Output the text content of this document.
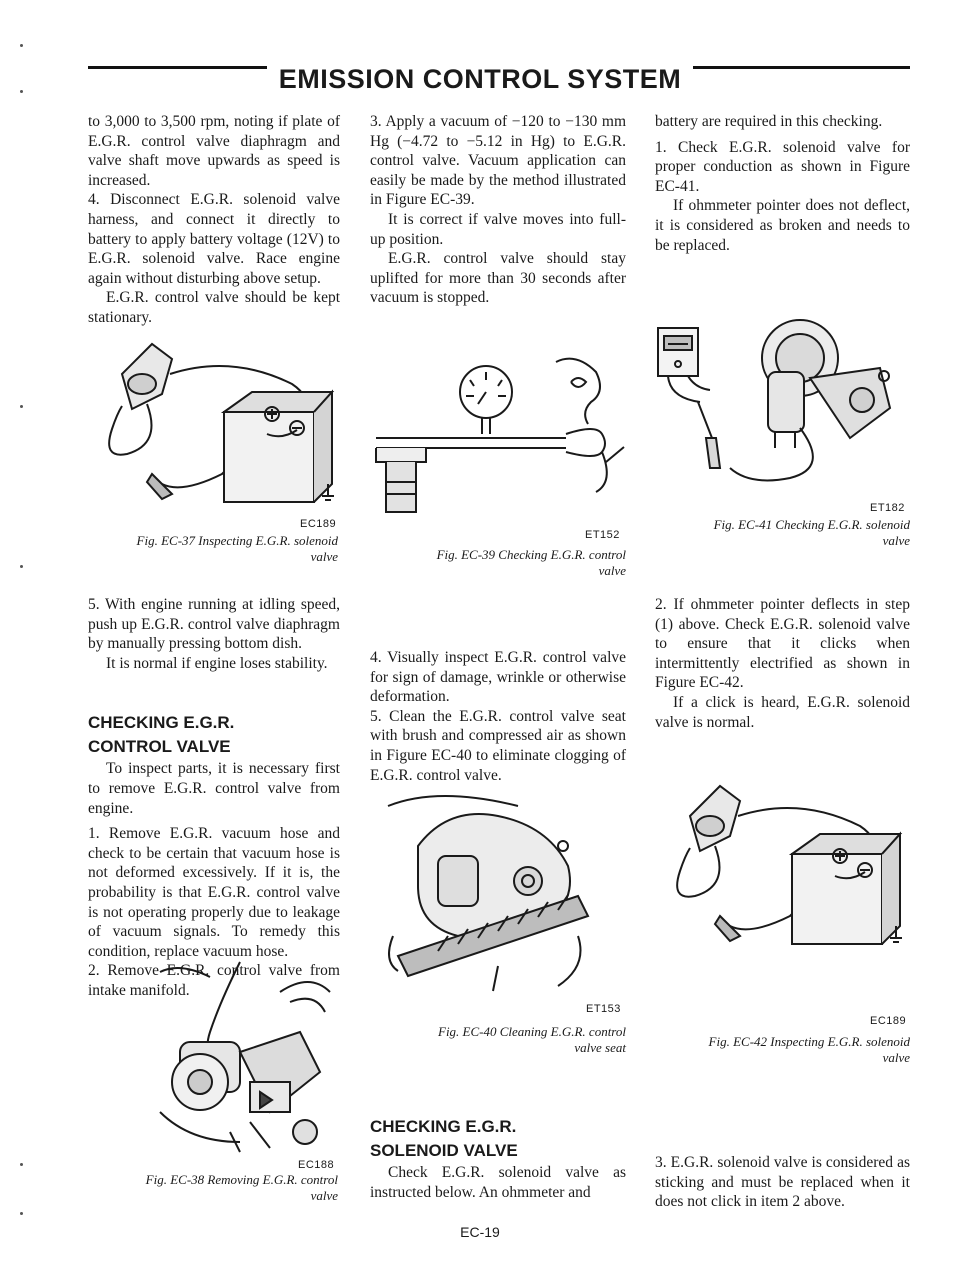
EMISSION CONTROL SYSTEM

to 3,000 to 3,500 rpm, noting if plate of E.G.R. control valve diaphragm and valve shaft move upwards as speed is increased.

4. Disconnect E.G.R. solenoid valve harness, and connect it directly to battery to apply battery voltage (12V) to E.G.R. solenoid valve. Race engine again without disturbing above setup.

E.G.R. control valve should be kept stationary.

5. With engine running at idling speed, push up E.G.R. control valve diaphragm by manually pressing bottom dish.

It is normal if engine loses stability.

CHECKING E.G.R.
CONTROL VALVE

To inspect parts, it is necessary first to remove E.G.R. control valve from engine.

1. Remove E.G.R. vacuum hose and check to be certain that vacuum hose is not deformed excessively. If it is, the probability is that E.G.R. control valve is not operating properly due to leakage of vacuum signals. To remedy this condition, replace vacuum hose.

2. Remove E.G.R. control valve from intake manifold.

3. Apply a vacuum of −120 to −130 mm Hg (−4.72 to −5.12 in Hg) to E.G.R. control valve. Vacuum application can easily be made by the method illustrated in Figure EC-39.

It is correct if valve moves into full-up position.

E.G.R. control valve should stay uplifted for more than 30 seconds after vacuum is stopped.

4. Visually inspect E.G.R. control valve for sign of damage, wrinkle or otherwise deformation.

5. Clean the E.G.R. control valve seat with brush and compressed air as shown in Figure EC-40 to eliminate clogging of E.G.R. control valve.

CHECKING E.G.R.
SOLENOID VALVE

Check E.G.R. solenoid valve as instructed below. An ohmmeter and

battery are required in this checking.

1. Check E.G.R. solenoid valve for proper conduction as shown in Figure EC-41.

If ohmmeter pointer does not deflect, it is considered as broken and needs to be replaced.

2. If ohmmeter pointer deflects in step (1) above. Check E.G.R. solenoid valve to ensure that it clicks when intermittently electrified as shown in Figure EC-42.

If a click is heard, E.G.R. solenoid valve is normal.

3. E.G.R. solenoid valve is considered as sticking and must be replaced when it does not click in item 2 above.

EC189
Fig. EC-37 Inspecting E.G.R. solenoid
valve
EC188
Fig. EC-38 Removing E.G.R. control
valve
ET152
Fig. EC-39 Checking E.G.R. control
valve
ET153
Fig. EC-40 Cleaning E.G.R. control
valve seat
ET182
Fig. EC-41 Checking E.G.R. solenoid
valve
EC189
Fig. EC-42 Inspecting E.G.R. solenoid
valve
EC-19
